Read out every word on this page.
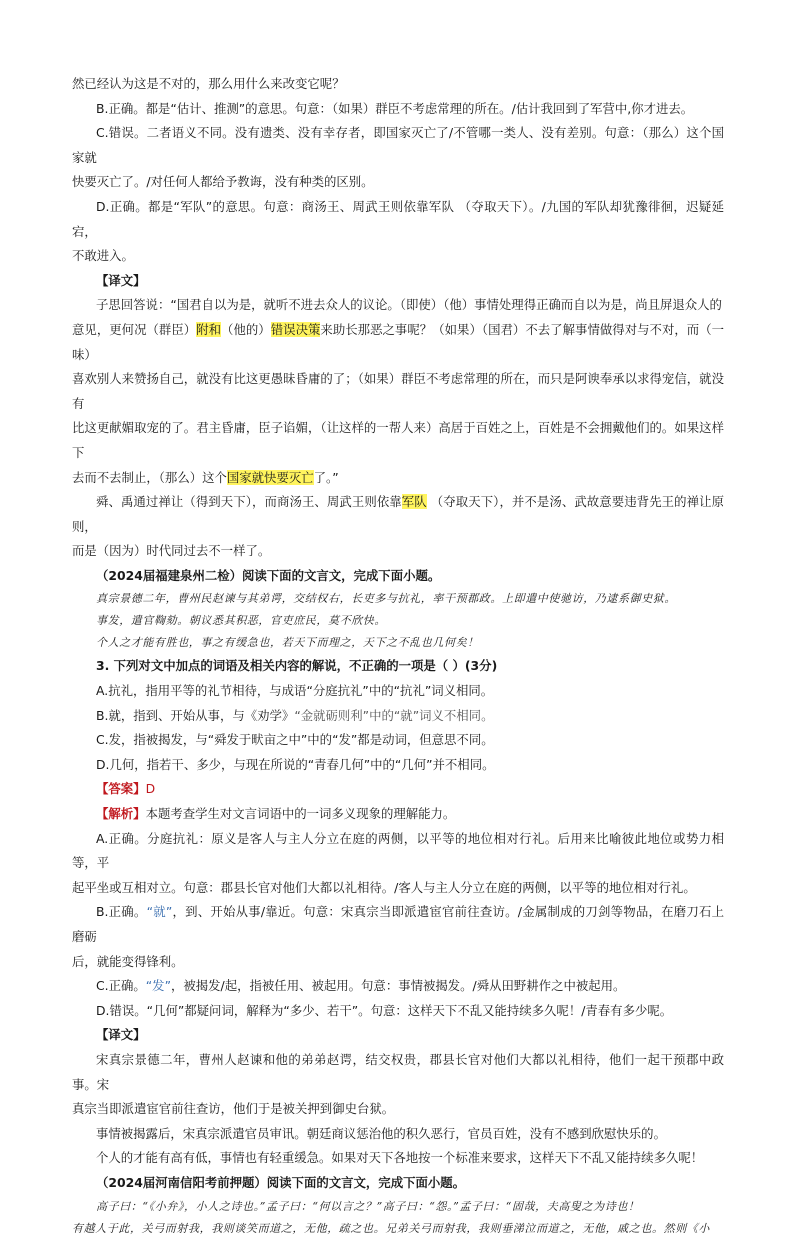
然已经认为这是不对的，那么用什么来改变它呢？

B.正确。都是“估计、推测”的意思。句意：（如果）群臣不考虑常理的所在。/估计我回到了军营中,你才进去。

C.错误。二者语义不同。没有遗类、没有幸存者，即国家灭亡了/不管哪一类人、没有差别。句意：（那么）这个国家就

快要灭亡了。/对任何人都给予教诲，没有种类的区别。

D.正确。都是“军队”的意思。句意：商汤王、周武王则依靠军队 （夺取天下）。/九国的军队却犹豫徘徊，迟疑延宕，

不敢进入。

【译文】

子思回答说：“国君自以为是，就听不进去众人的议论。（即使）（他）事情处理得正确而自以为是，尚且屏退众人的

意见，更何况（群臣）附和（他的）错误决策来助长那恶之事呢？（如果）（国君）不去了解事情做得对与不对，而（一味）

喜欢别人来赞扬自己，就没有比这更愚昧昏庸的了；（如果）群臣不考虑常理的所在，而只是阿谀奉承以求得宠信，就没有

比这更献媚取宠的了。君主昏庸，臣子谄媚，（让这样的一帮人来）高居于百姓之上，百姓是不会拥戴他们的。如果这样下

去而不去制止，（那么）这个国家就快要灭亡了。”

舜、禹通过禅让（得到天下），而商汤王、周武王则依靠军队 （夺取天下），并不是汤、武故意要违背先王的禅让原则，

而是（因为）时代同过去不一样了。

（2024届福建泉州二检）阅读下面的文言文，完成下面小题。

真宗景德二年，曹州民赵谏与其弟谔，交结权右，长吏多与抗礼，率干预郡政。上即遣中使驰访，乃逮系御史狱。

事发，遣官鞫劾。朝议悉其积恶，官吏庶民，莫不欣快。

个人之才能有胜也，事之有缓急也，若天下而理之，天下之不乱也几何矣！

3. 下列对文中加点的词语及相关内容的解说，不正确的一项是（ ）(3分)

A.抗礼，指用平等的礼节相待，与成语“分庭抗礼”中的“抗礼”词义相同。

B.就，指到、开始从事，与《劝学》“金就砺则利”中的“就”词义不相同。

C.发，指被揭发，与“舜发于畎亩之中”中的“发”都是动词，但意思不同。

D.几何，指若干、多少，与现在所说的“青春几何”中的“几何”并不相同。

【答案】D

【解析】本题考查学生对文言词语中的一词多义现象的理解能力。

A.正确。分庭抗礼：原义是客人与主人分立在庭的两侧，以平等的地位相对行礼。后用来比喻彼此地位或势力相等，平

起平坐或互相对立。句意：郡县长官对他们大都以礼相待。/客人与主人分立在庭的两侧，以平等的地位相对行礼。

B.正确。“就”，到、开始从事/靠近。句意：宋真宗当即派遣宦官前往查访。/金属制成的刀剑等物品，在磨刀石上磨砺

后，就能变得锋利。

C.正确。“发”，被揭发/起，指被任用、被起用。句意：事情被揭发。/舜从田野耕作之中被起用。

D.错误。“几何”都疑问词，解释为“多少、若干”。句意：这样天下不乱又能持续多久呢！/青春有多少呢。

【译文】

宋真宗景德二年，曹州人赵谏和他的弟弟赵谔，结交权贵，郡县长官对他们大都以礼相待，他们一起干预郡中政事。宋

真宗当即派遣宦官前往查访，他们于是被关押到御史台狱。

事情被揭露后，宋真宗派遣官员审讯。朝廷商议惩治他的积久恶行，官员百姓，没有不感到欣慰快乐的。

个人的才能有高有低，事情也有轻重缓急。如果对天下各地按一个标准来要求，这样天下不乱又能持续多久呢！

（2024届河南信阳考前押题）阅读下面的文言文，完成下面小题。

高子曰：“《小弁》，小人之诗也。”孟子曰：“何以言之？”高子曰：“怨。”孟子曰：“固哉，夫高叟之为诗也！

有越人于此，关弓而射我，我则谈笑而道之，无他，疏之也。兄弟关弓而射我，我则垂涕泣而道之，无他，戚之也。然则《小
